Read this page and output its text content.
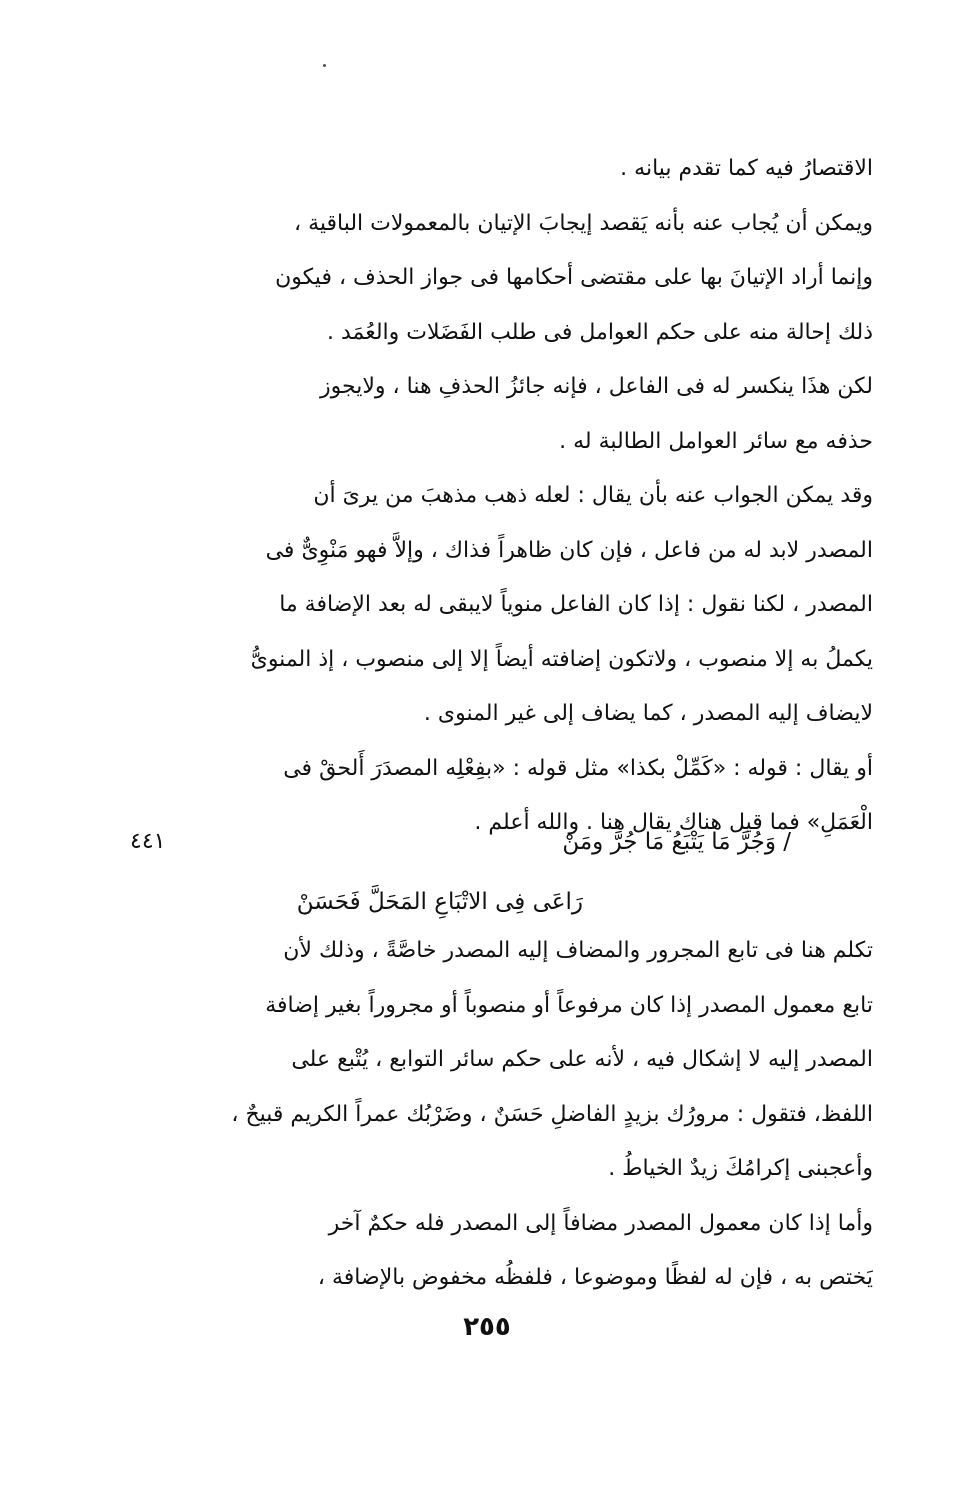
الاقتصارُ فيه كما تقدم بيانه .
ويمكن أن يُجاب عنه بأنه يَقصد إيجابَ الإتيان بالمعمولات الباقية ،
وإنما أراد الإتيانَ بها على مقتضى أحكامها فى جواز الحذف ، فيكون
ذلك إحالة منه على حكم العوامل فى طلب الفَضَلات والعُمَد .
لكن هذَا ينكسر له فى الفاعل ، فإنه جائزُ الحذفِ هنا ، ولايجوز
حذفه مع سائر العوامل الطالبة له .
وقد يمكن الجواب عنه بأن يقال : لعله ذهب مذهبَ من يرىَ أن
المصدر لابد له من فاعل ، فإن كان ظاهراً فذاك ، وإلاَّ فهو مَنْوِىٌّ فى
المصدر ، لكنا نقول : إذا كان الفاعل منوياً لايبقى له بعد الإضافة ما
يكملُ به إلا منصوب ، ولاتكون إضافته أيضاً إلا إلى منصوب ، إذ المنوىُّ
لايضاف إليه المصدر ، كما يضاف إلى غير المنوى .
أو يقال : قوله : «كَمِّلْ بكذا» مثل قوله : «بفِعْلِه المصدَرَ أَلحقْ فى
الْعَمَلِ» فما قيل هناك يقال هنا . والله أعلم .
٤٤١	/ وَجُرَّ مَا يَتْبَعُ مَا جُرَّ ومَنْ
رَاعَى فِى الاتْبَاعِ المَحَلَّ فَحَسَنْ
تكلم هنا فى تابع المجرور والمضاف إليه المصدر خاصَّةً ، وذلك لأن
تابع معمول المصدر إذا كان مرفوعاً أو منصوباً أو مجروراً بغير إضافة
المصدر إليه لا إشكال فيه ، لأنه على حكم سائر التوابع ، يُتْبع على
اللفظ، فتقول : مرورُك بزيدٍ الفاضلِ حَسَنٌ ، وضَرْبُك عمراً الكريم قبيحٌ ،
وأعجبنى إكرامُكَ زيدٌ الخياطُ .
وأما إذا كان معمول المصدر مضافاً إلى المصدر فله حكمٌ آخر
يَختص به ، فإن له لفظًا وموضوعا ، فلفظُه مخفوض بالإضافة ،
٢٥٥
